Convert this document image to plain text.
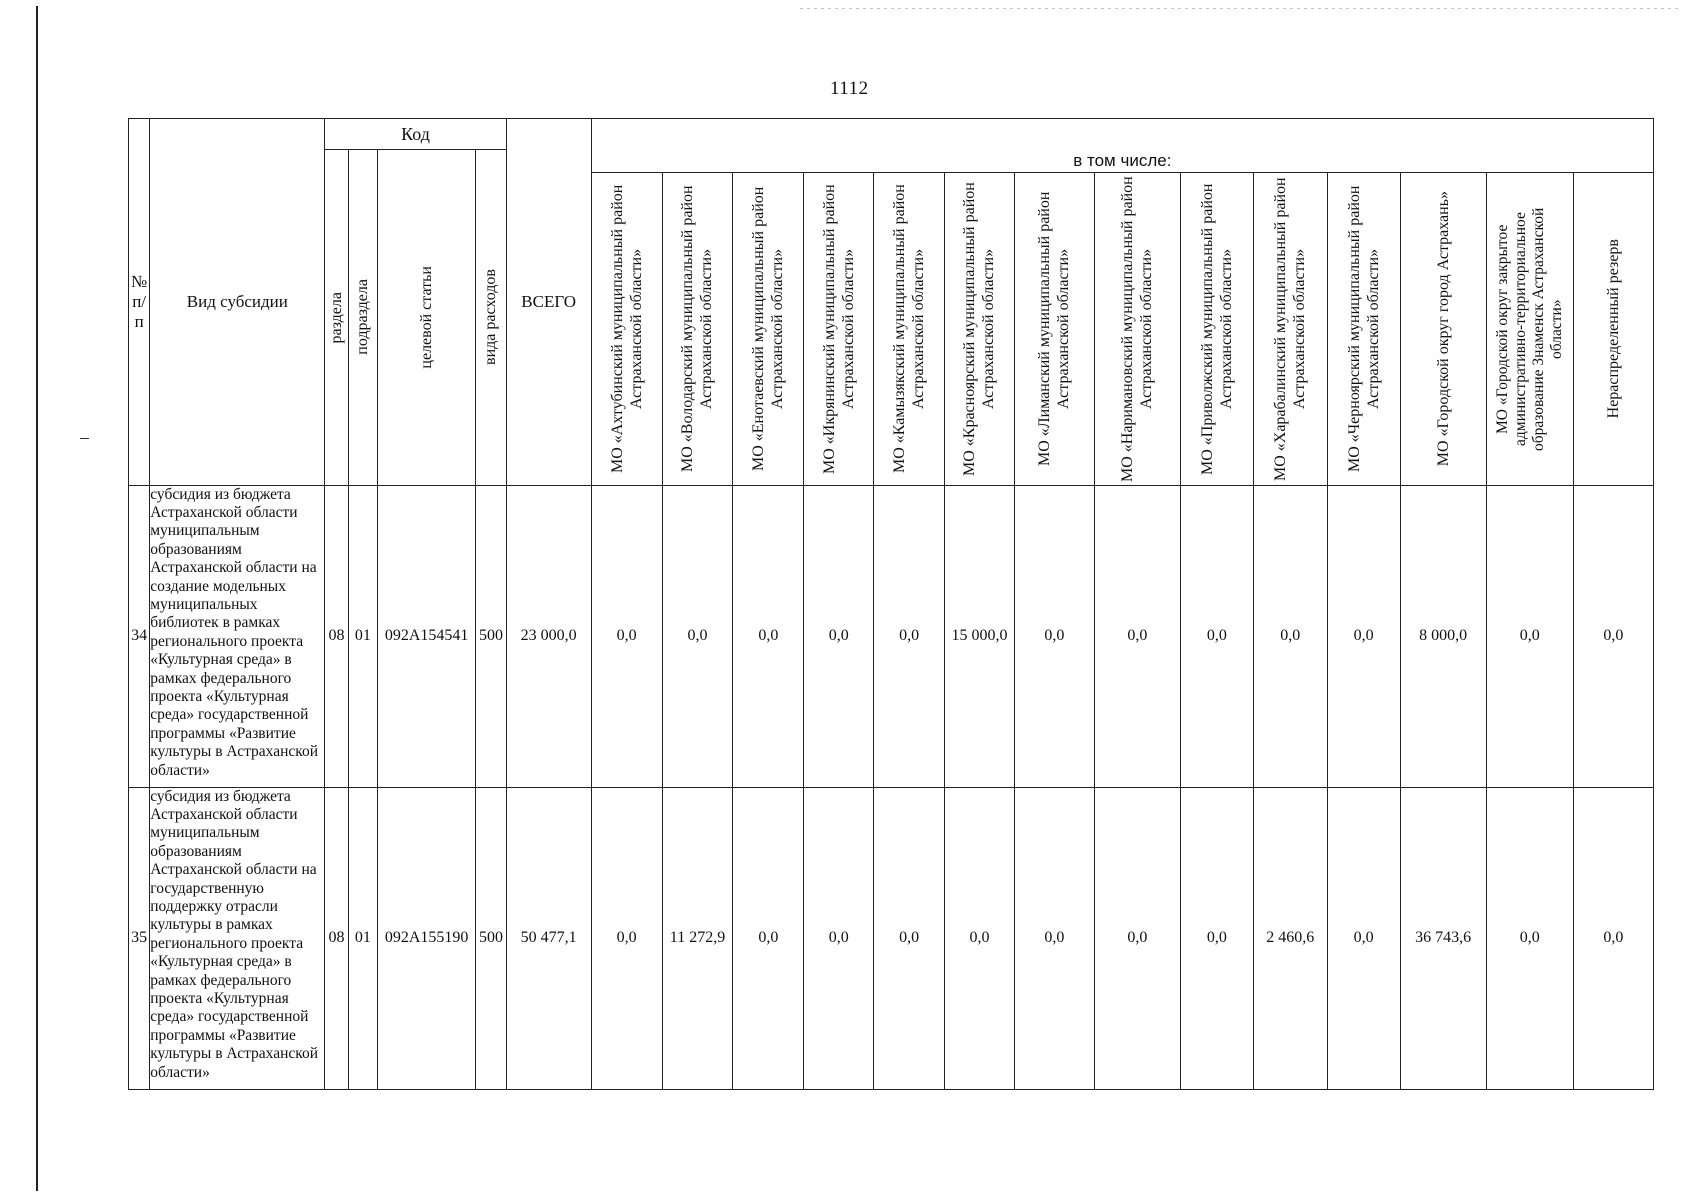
1112
№ п/п	Вид субсидии	Код				ВСЕГО														

		раздела	подраздела	целевой статьи	вида расходов		в том числе:													

							МО «Ахтубинский муниципальный район Астраханской области»	МО «Володарский муниципальный район Астраханской области»	МО «Енотаевский муниципальный район Астраханской области»	МО «Икрянинский муниципальный район Астраханской области»	МО «Камызякский муниципальный район Астраханской области»	МО «Красноярский муниципальный район Астраханской области»	МО «Лиманский муниципальный район Астраханской области»	МО «Наримановский муниципальный район Астраханской области»	МО «Приволжский муниципальный район Астраханской области»	МО «Харабалинский муниципальный район Астраханской области»	МО «Черноярский муниципальный район Астраханской области»	МО «Городской округ город Астрахань»	МО «Городской округ закрытое административно-территориальное образование Знаменск Астраханской области»	Нераспределенный резерв

34	субсидия из бюджета Астраханской области муниципальным образованиям Астраханской области на создание модельных муниципальных библиотек в рамках регионального проекта «Культурная среда» в рамках федерального проекта «Культурная среда» государственной программы «Развитие культуры в Астраханской области»	08	01	092A154541	500	23 000,0	0,0	0,0	0,0	0,0	0,0	15 000,0	0,0	0,0	0,0	0,0	0,0	8 000,0	0,0	0,0
35	субсидия из бюджета Астраханской области муниципальным образованиям Астраханской области на государственную поддержку отрасли культуры в рамках регионального проекта «Культурная среда» в рамках федерального проекта «Культурная среда» государственной программы «Развитие культуры в Астраханской области»	08	01	092A155190	500	50 477,1	0,0	11 272,9	0,0	0,0	0,0	0,0	0,0	0,0	0,0	2 460,6	0,0	36 743,6	0,0	0,0
